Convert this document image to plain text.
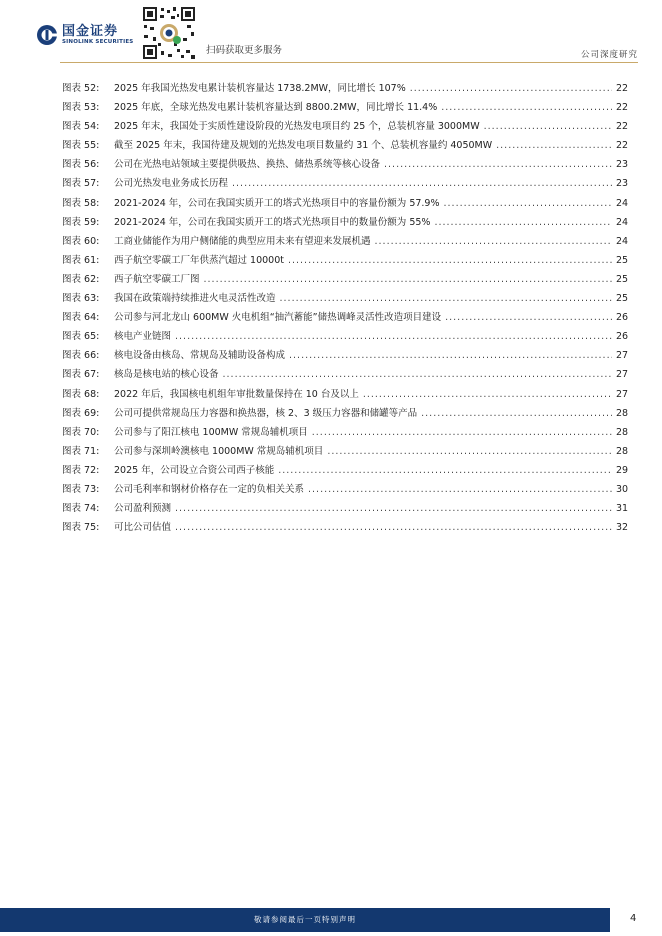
国金证券
SINOLINK SECURITIES
扫码获取更多服务	公司深度研究
图表 52:	2025 年我国光热发电累计装机容量达 1738.2MW，同比增长 107% .....	22
图表 53:	2025 年底，全球光热发电累计装机容量达到 8800.2MW，同比增长 11.4% .....	22
图表 54:	2025 年末，我国处于实质性建设阶段的光热发电项目约 25 个，总装机容量 3000MW .....	22
图表 55:	截至 2025 年末，我国待建及规划的光热发电项目数量约 31 个、总装机容量约 4050MW .....	22
图表 56:	公司在光热电站领域主要提供吸热、换热、储热系统等核心设备 .....	23
图表 57:	公司光热发电业务成长历程 .....	23
图表 58:	2021-2024 年，公司在我国实质开工的塔式光热项目中的容量份额为 57.9% .....	24
图表 59:	2021-2024 年，公司在我国实质开工的塔式光热项目中的数量份额为 55% .....	24
图表 60:	工商业储能作为用户侧储能的典型应用未来有望迎来发展机遇 .....	24
图表 61:	西子航空零碳工厂年供蒸汽超过 10000t .....	25
图表 62:	西子航空零碳工厂图 .....	25
图表 63:	我国在政策端持续推进火电灵活性改造 .....	25
图表 64:	公司参与河北龙山 600MW 火电机组“抽汽蓄能”储热调峰灵活性改造项目建设 .....	26
图表 65:	核电产业链图 .....	26
图表 66:	核电设备由核岛、常规岛及辅助设备构成 .....	27
图表 67:	核岛是核电站的核心设备 .....	27
图表 68:	2022 年后，我国核电机组年审批数量保持在 10 台及以上 .....	27
图表 69:	公司可提供常规岛压力容器和换热器，核 2、3 级压力容器和储罐等产品 .....	28
图表 70:	公司参与了阳江核电 100MW 常规岛辅机项目 .....	28
图表 71:	公司参与深圳岭澳核电 1000MW 常规岛辅机项目 .....	28
图表 72:	2025 年，公司设立合资公司西子核能 .....	29
图表 73:	公司毛利率和钢材价格存在一定的负相关关系 .....	30
图表 74:	公司盈利预测 .....	31
图表 75:	可比公司估值 .....	32
敬请参阅最后一页特别声明	4
